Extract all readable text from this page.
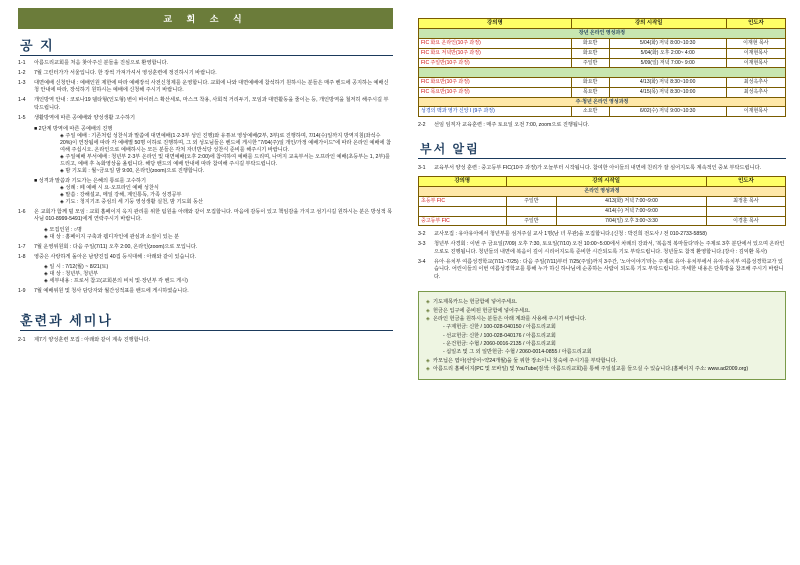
교 회 소 식
공 지
1-1	아름드리교회를 처음 찾아주신 분들을 진심으로 환영합니다.
1-2	7월 그린터가가 서울입니다. 한 장씩 가져가셔서 영성훈련에 정진하시기 바랍니다.
1-3	대면예배 신청안내 : 예배인원 제한에 따라 예배장석 사전신청제를 운영합니다. 교회에 나와 대면예배에 참석하기 원하시는 분들은 매주 벤드에 공지하는 예배신청 안내에 따라, 장석하기 원하시는 예배에 신청해 주시기 바랍니다.
1-4	개인방역 안내 : 코로나19 델타형(인도형) 변이 바이러스 확산세로, 마스크 착용, 사회적 거리두기, 모임과 대면활동을 줄이는 등, 개인방역을 철저히 해주시길 부탁드립니다.
1-5	생활방역에 따른 공예배와 양성생활 고수하기
■ 2단계 방역에 따른 공예배의 진행
◈ 주일 예배 : 기존처럼 성찬식과 말씀에 대면예배(1·2·3부 성인 진행)와 유튜브 영상예배(2부, 3부)로 진행하며, 7/14(수)일까지 방역지침(좌석수 20%)이 연장됨에 따라 각 예배별 50명 이하로 진행하며, 그 외 성도님들은 벤드에 게시한 "7/04(주)일 개인/가정 예배가이드"에 따라 온라인 예배에 참여해 주십시오. 온라인으로 예배하시는 모든 분들은 각처 자녀반석당 성찬식 준비를 해주시기 바랍니다.
◈ 주일예배 부서예배 : 청년부 2·3부 온라인 및 대면예배(오후 2:00)에 참여하여 예배를 드리며, 나머지 교육부서는 오프라인 예배(초등부는 1, 2부)를 드리고, 예배 후 녹화영상을 올립니다. 해당 밴드의 예배 안내에 따라 참여해 주시길 부탁드립니다.
◈ 밤 기도회 : 월~금요일 밤 9:00, 온라인(zoom)으로 진행합니다.
■ 성격과 말씀과 기도가는 은혜의 통로를 고수하기
◈ 성례 : 떼 예배 시 요·오프라인 예배 성찬식
◈ 말씀 : 강해설교, 메일 강해, 계인통독, 가족 성경공부
◈ 기도 : 청지기조 중심의 세 기둥 영성생활 실천, 밤 기도회 동산
1-6	온 교회가 함께 덜 모임 : 교회 홈페이지 옥지 관리를 위한 팀원을 아래와 같이 모집합니다. 마음에 감동이 있고 책임감을 가지고 섬기시길 원하시는 분은 방성적 목사님 010-8999-5491)에게 연락주시기 바랍니다.
◈ 모집인원 : ○명
◈ 대 상 : 홈페이지 구축과 웹디자인에 관심과 소질이 있는 분
1-7	7월 운영위원회 : 다음 주일(7/11) 오후 2:00, 온라인(zoom)으로 모입니다.
1-8	영중은 사랑하게 돌아온 남양진집 40집 등식대해 : 아래와 같이 있습니다.
◈ 일 시 : 7/12(월) ~ 8/21(토)
◈ 대 상 : 청년부, 청년부
◈ 세부내용 : 프로서 참고(교회본의 비치 및·장년부 각 벤드 게시)
1-9	7월 예배위원 및 청사 담당자와 월간성적표를 밴드에 게시하였습니다.
훈련과 세미나
2-1	제7기 양성훈련 모집 : 아래와 같이 계속 진행합니다.
강의명	강의 시작일		인도자
장년 온라인 영성과정			
FIC 화요 온라인(10주 과정)	화요반	5/04(화) 저녁 8:00~10:30	이재현 목사
FIC 화요 저녁반(10주 과정)	화요반	5/04(화) 오후 2:00~ 4:00	이재현목사
FIC 주일반(10주 과정)	주일반	5/09(일) 저녁 7:00~ 9:00	이재현목사

FIC 화요반(10주 과정)	화요반	4/13(화) 저녁 8:30~10:00	최성옥추사
FIC 목요반(10주 과정)	목요반	4/15(목) 저녁 8:30~10:00	최성옥추사
주·청년 온라인 영성과정			
성경의 맥과 영가 신앙 I (9주 과정)	소요반	6/02(수) 저녁 9:00~10:30	이재현목사
2-2	선임 임직자 교육훈련 : 매주 토요일 오전 7:00, zoom으로 진행됩니다.
부서 알림
3-1	교육부서 양성 훈련 : 중고등부 FIC(10주 과정)가 오늘부터 시작됩니다. 참여한 아이들의 내면에 친리가 잘 심어지도록 계속적인 중보 부탁드립니다.
강의명	강의 시작일		인도자
온라인 영성과정			
초등부 FIC	주일반	4/13(화) 저녁 7:00~9:00	최정훈 목사
		4/14(수) 저녁 7:00~9:00	
중고등부 FIC	주일반	7/04(일) 오후 3:00~3:30	이경훈 목사
3-2	교사모집 : 유아유아에서 청년부를 섬겨주실 교사 1명(남 녀 무관)을 모집합니다.(신청 : 박진희 전도사 / 전 010-2733-5858)
3-3	청년부 사경회 : 이번 주 금요일(7/09) 오후 7:30, 토요일(7/10) 오전 10:00~5:00에서 차례의 강좌서, '복음적 복마들다'라는 주제로 3후 분단에서 있으며 온라인으로도 진행됩니다. 청년들의 내면에 복음이 깊이 시리어지도록 준비한 시간되도록 기도 부탁드립니다. 청년들도 참적 환영합니다.(강사 : 김익환 목사)
3-4	유아·유치부 여름성경학교(7/11~7/25) : 다음 주일(7/11)부터 7/25(주일)까지 3주간, '노아이야기'라는 주제로 유아·유치부에서 유아·유치부 여름성경학교가 있습니다. 어린이들의 이번 여름성경학교를 통해 누가 하신 하나님에 순종하는 사람이 되도록 기도 부탁드립니다. 자세한 내용은 단톡방을 참조해 주시기 바랍니다.
◈ 기도제목카드는 헌금함에 넣어주세요.
◈ 헌금은 입구에 준비된 헌금함에 넣어주세요.
◈ 온라인 헌금을 원하시는 분들은 아래 계좌를 사용해 주시기 바랍니다.

- 구제헌금: 신한 / 100-028-040150 / 아름드리교회

- 선교헌금: 신한 / 100-028-040176 / 아름드리교회

- 운건헌금: 수협 / 2060-0016-2135 / 아름드리교회

- 십일조 및 그 외 일반헌금: 수협 / 2060-0014-0855 / 아름드리교회
◈ 카모닙은 엽아(선앙어~약24개월)을 둘 위한 장소이니 청숙에 주시기를 부탁합니다.
◈ 아름드리 홈페이지(PC 및 모바일) 및 YouTube(검색: 아름드리교회)를 통해 주일설교를 들으실 수 있습니다.(홈페이지 주소: www.ad2009.org)
